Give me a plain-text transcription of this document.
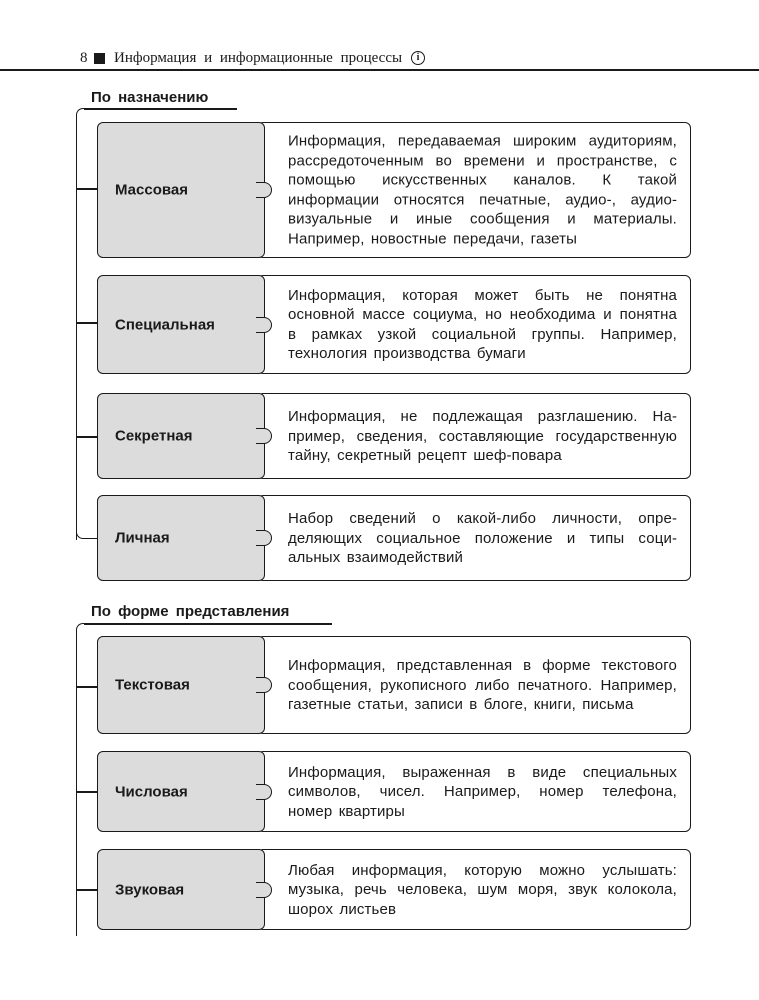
8 Информация и информационные процессы	i
По назначению
Информация, передаваемая широким аудиториям, рассредоточенным во времени и пространстве, с помощью искусственных каналов. К такой информации относятся печатные, аудио-, аудиовизуальные и иные сообщения и материалы. Например, новостные передачи, газеты
Массовая
Информация, которая может быть не понятна основной массе социума, но необходима и понятна в рамках узкой социальной группы. Например, технология производства бумаги
Специальная
Информация, не подлежащая разглашению. Например, сведения, составляющие государственную тайну, секретный рецепт шеф-повара
Секретная
Набор сведений о какой-либо личности, определяющих социальное положение и типы социальных взаимодействий
Личная
По форме представления
Информация, представленная в форме текстового сообщения, рукописного либо печатного. Например, газетные статьи, записи в блоге, книги, письма
Текстовая
Информация, выраженная в виде специальных символов, чисел. Например, номер телефона, номер квартиры
Числовая
Любая информация, которую можно услышать: музыка, речь человека, шум моря, звук колокола, шорох листьев
Звуковая
